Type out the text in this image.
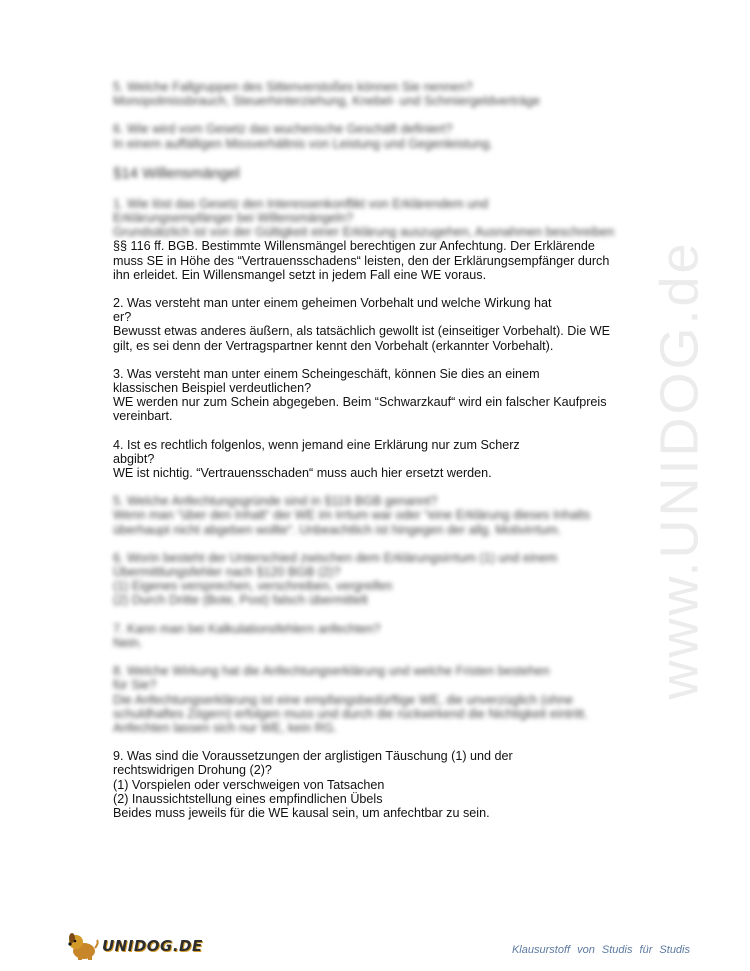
www.UNIDOG.de

5. Welche Fallgruppen des Sittenverstoßes können Sie nennen?

Monopolmissbrauch, Steuerhinterziehung, Knebel- und Schmiergeldverträge

6. Wie wird vom Gesetz das wucherische Geschäft definiert?

In einem auffälligen Missverhältnis von Leistung und Gegenleistung.

§14 Willensmängel

1. Wie löst das Gesetz den Interessenkonflikt von Erklärendem und
Erklärungsempfänger bei Willensmängeln?
Grundsätzlich ist von der Gültigkeit einer Erklärung auszugehen, Ausnahmen beschreiben

§§ 116 ff. BGB. Bestimmte Willensmängel berechtigen zur Anfechtung. Der Erklärende
muss SE in Höhe des “Vertrauensschadens“ leisten, den der Erklärungsempfänger durch
ihn erleidet. Ein Willensmangel setzt in jedem Fall eine WE voraus.

2. Was versteht man unter einem geheimen Vorbehalt und welche Wirkung hat
er?

Bewusst etwas anderes äußern, als tatsächlich gewollt ist (einseitiger Vorbehalt). Die WE
gilt, es sei denn der Vertragspartner kennt den Vorbehalt (erkannter Vorbehalt).

3. Was versteht man unter einem Scheingeschäft, können Sie dies an einem
klassischen Beispiel verdeutlichen?

WE werden nur zum Schein abgegeben. Beim “Schwarzkauf“ wird ein falscher Kaufpreis
vereinbart.

4. Ist es rechtlich folgenlos, wenn jemand eine Erklärung nur zum Scherz
abgibt?

WE ist nichtig. “Vertrauensschaden“ muss auch hier ersetzt werden.

5. Welche Anfechtungsgründe sind in §119 BGB genannt?

Wenn man “über den Inhalt“ der WE im Irrtum war oder “eine Erklärung dieses Inhalts
überhaupt nicht abgeben wollte“. Unbeachtlich ist hingegen der allg. Motivirrtum.

6. Worin besteht der Unterschied zwischen dem Erklärungsirrtum (1) und einem
Übermittlungsfehler nach §120 BGB (2)?

(1) Eigenes versprechen, verschreiben, vergreifen
(2) Durch Dritte (Bote, Post) falsch übermittelt

7. Kann man bei Kalkulationsfehlern anfechten?

Nein.

8. Welche Wirkung hat die Anfechtungserklärung und welche Fristen bestehen
für Sie?

Die Anfechtungserklärung ist eine empfangsbedürftige WE, die unverzüglich (ohne
schuldhaftes Zögern) erfolgen muss und durch die rückwirkend die Nichtigkeit eintritt.
Anfechten lassen sich nur WE, kein RG.

9. Was sind die Voraussetzungen der arglistigen Täuschung (1) und der
rechtswidrigen Drohung (2)?

(1) Vorspielen oder verschweigen von Tatsachen
(2) Inaussichtstellung eines empfindlichen Übels
Beides muss jeweils für die WE kausal sein, um anfechtbar zu sein.

UNIDOG.DE	Klausurstoff von Studis für Studis
